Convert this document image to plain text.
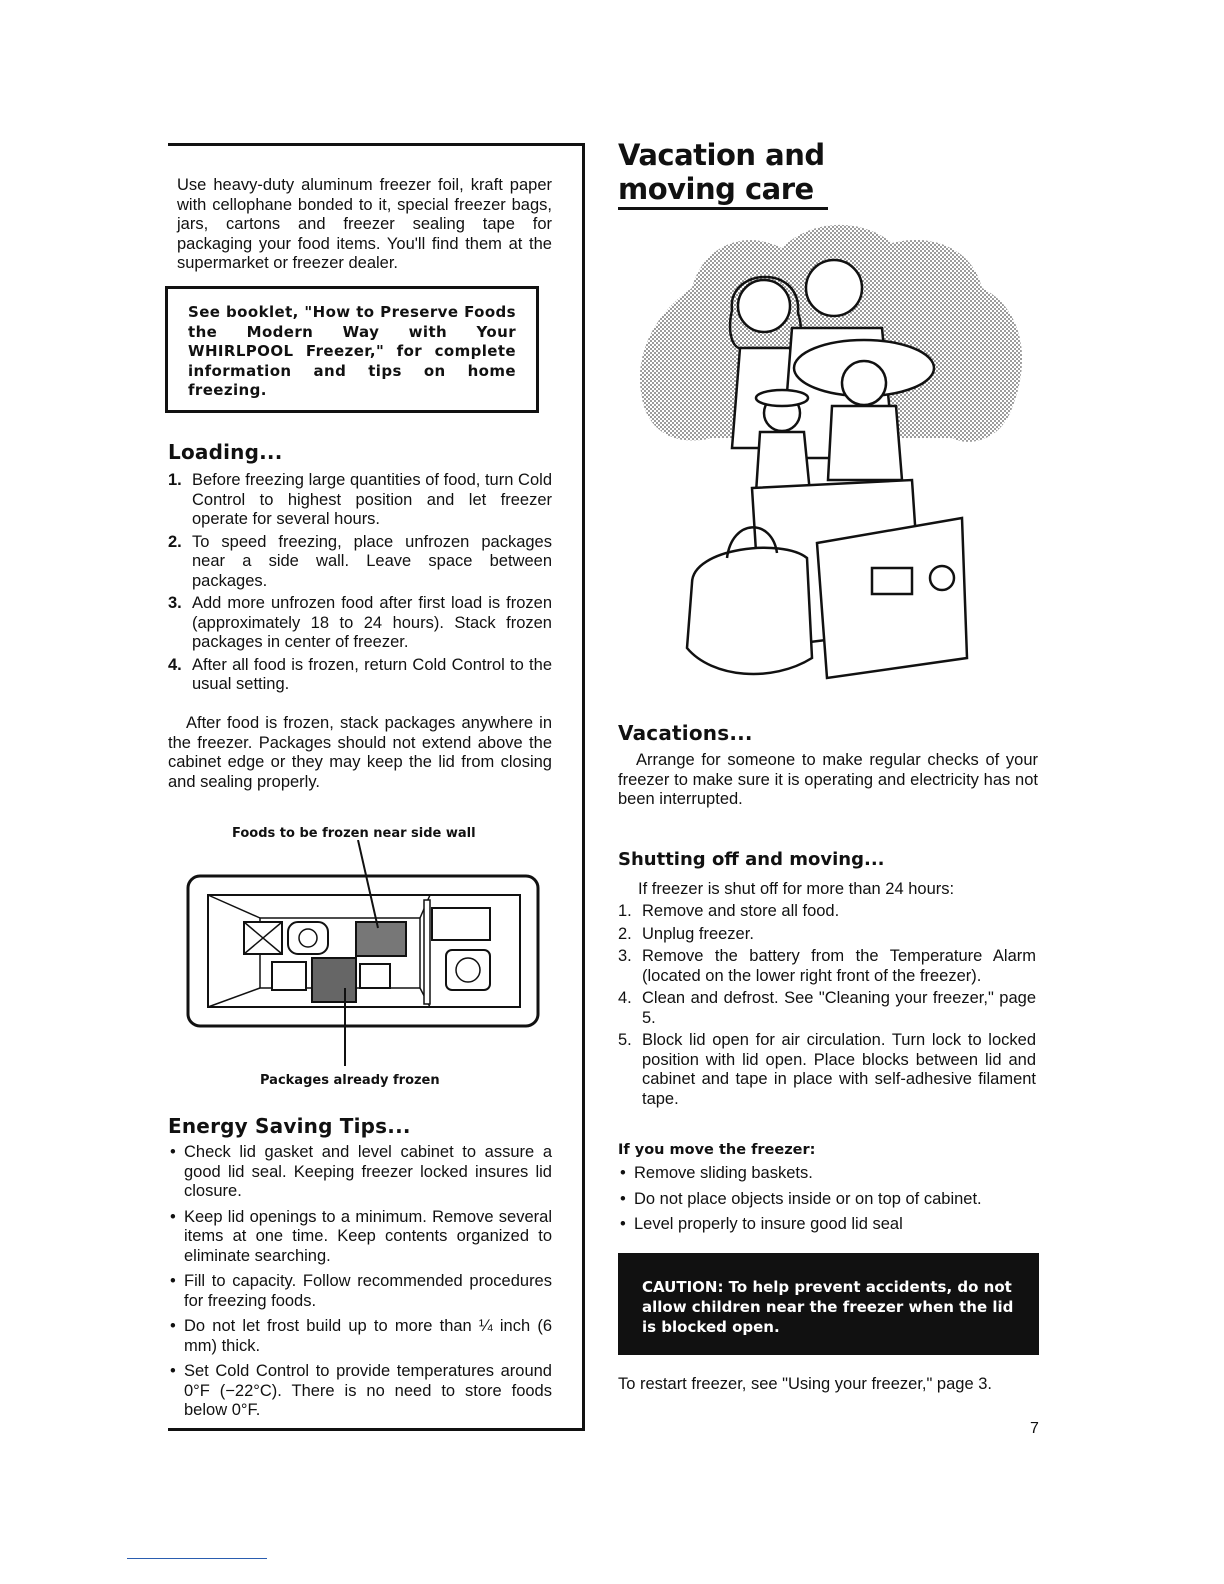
Use heavy-duty aluminum freezer foil, kraft paper with cellophane bonded to it, special freezer bags, jars, cartons and freezer sealing tape for packaging your food items. You'll find them at the supermarket or freezer dealer.

See booklet, "How to Preserve Foods the Modern Way with Your WHIRLPOOL Freezer," for complete information and tips on home freezing.

Loading...
1. Before freezing large quantities of food, turn Cold Control to highest position and let freezer operate for several hours.
2. To speed freezing, place unfrozen packages near a side wall. Leave space between packages.
3. Add more unfrozen food after first load is frozen (approximately 18 to 24 hours). Stack frozen packages in center of freezer.
4. After all food is frozen, return Cold Control to the usual setting.

After food is frozen, stack packages anywhere in the freezer. Packages should not extend above the cabinet edge or they may keep the lid from closing and sealing properly.

Foods to be frozen near side wall
Packages already frozen
Energy Saving Tips...
• Check lid gasket and level cabinet to assure a good lid seal. Keeping freezer locked insures lid closure.
• Keep lid openings to a minimum. Remove several items at one time. Keep contents organized to eliminate searching.
• Fill to capacity. Follow recommended procedures for freezing foods.
• Do not let frost build up to more than ¼ inch (6 mm) thick.
• Set Cold Control to provide temperatures around 0°F (−22°C). There is no need to store foods below 0°F.
Vacation and
moving care
Vacations...

Arrange for someone to make regular checks of your freezer to make sure it is operating and electricity has not been interrupted.

Shutting off and moving...

If freezer is shut off for more than 24 hours:

1. Remove and store all food.
2. Unplug freezer.
3. Remove the battery from the Temperature Alarm (located on the lower right front of the freezer).
4. Clean and defrost. See "Cleaning your freezer," page 5.
5. Block lid open for air circulation. Turn lock to locked position with lid open. Place blocks between lid and cabinet and tape in place with self-adhesive filament tape.
If you move the freezer:
• Remove sliding baskets.
• Do not place objects inside or on top of cabinet.
• Level properly to insure good lid seal

CAUTION: To help prevent accidents, do not allow children near the freezer when the lid is blocked open.

To restart freezer, see "Using your freezer," page 3.

7
